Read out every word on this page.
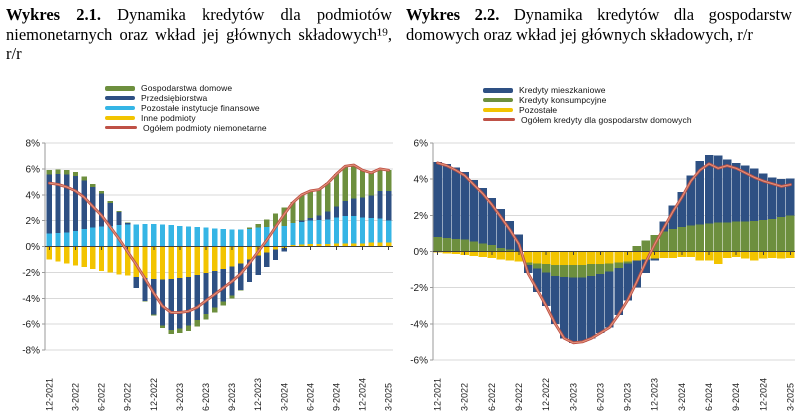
Wykres 2.1. Dynamika kredytów dla podmiotów niemonetarnych oraz wkład jej głównych składowych¹⁹, r/r
Gospodarstwa domowe
Przedsiębiorstwa
Pozostałe instytucje finansowe
Inne podmioty
Ogółem podmioty niemonetarne
8%
6%
4%
2%
0%
-2%
-4%
-6%
-8%
12-2021 3-2022 6-2022 9-2022 12-2022 3-2023 6-2023 9-2023 12-2023 3-2024 6-2024 9-2024 12-2024 3-2025
Wykres 2.2. Dynamika kredytów dla gospodarstw domowych oraz wkład jej głównych składowych, r/r
Kredyty mieszkaniowe
Kredyty konsumpcyjne
Pozostałe
Ogółem kredyty dla gospodarstw domowych
6%
4%
2%
0%
-2%
-4%
-6%
12-2021 3-2022 6-2022 9-2022 12-2022 3-2023 6-2023 9-2023 12-2023 3-2024 6-2024 9-2024 12-2024 3-2025
